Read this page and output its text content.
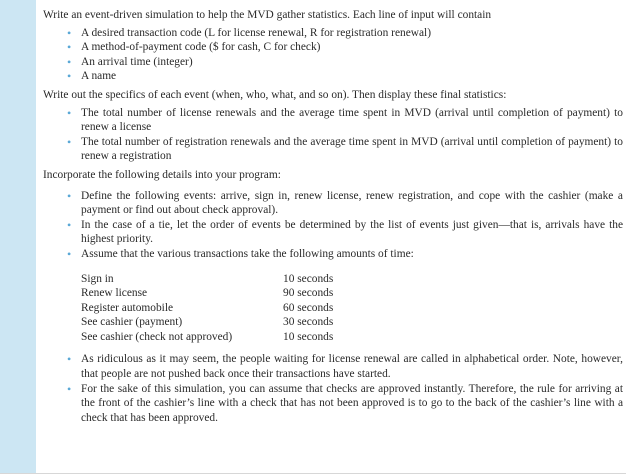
Write an event-driven simulation to help the MVD gather statistics. Each line of input will contain

• A desired transaction code (L for license renewal, R for registration renewal)
• A method-of-payment code ($ for cash, C for check)
• An arrival time (integer)
• A name

Write out the specifics of each event (when, who, what, and so on). Then display these final statistics:

• The total number of license renewals and the average time spent in MVD (arrival until completion of payment) to renew a license
• The total number of registration renewals and the average time spent in MVD (arrival until completion of payment) to renew a registration

Incorporate the following details into your program:

• Define the following events: arrive, sign in, renew license, renew registration, and cope with the cashier (make a payment or find out about check approval).
• In the case of a tie, let the order of events be determined by the list of events just given—that is, arrivals have the highest priority.
• Assume that the various transactions take the following amounts of time:
Sign in	10 seconds
Renew license	90 seconds
Register automobile	60 seconds
See cashier (payment)	30 seconds
See cashier (check not approved)	10 seconds
• As ridiculous as it may seem, the people waiting for license renewal are called in alphabetical order. Note, however, that people are not pushed back once their transactions have started.
• For the sake of this simulation, you can assume that checks are approved instantly. Therefore, the rule for arriving at the front of the cashier’s line with a check that has not been approved is to go to the back of the cashier’s line with a check that has been approved.
